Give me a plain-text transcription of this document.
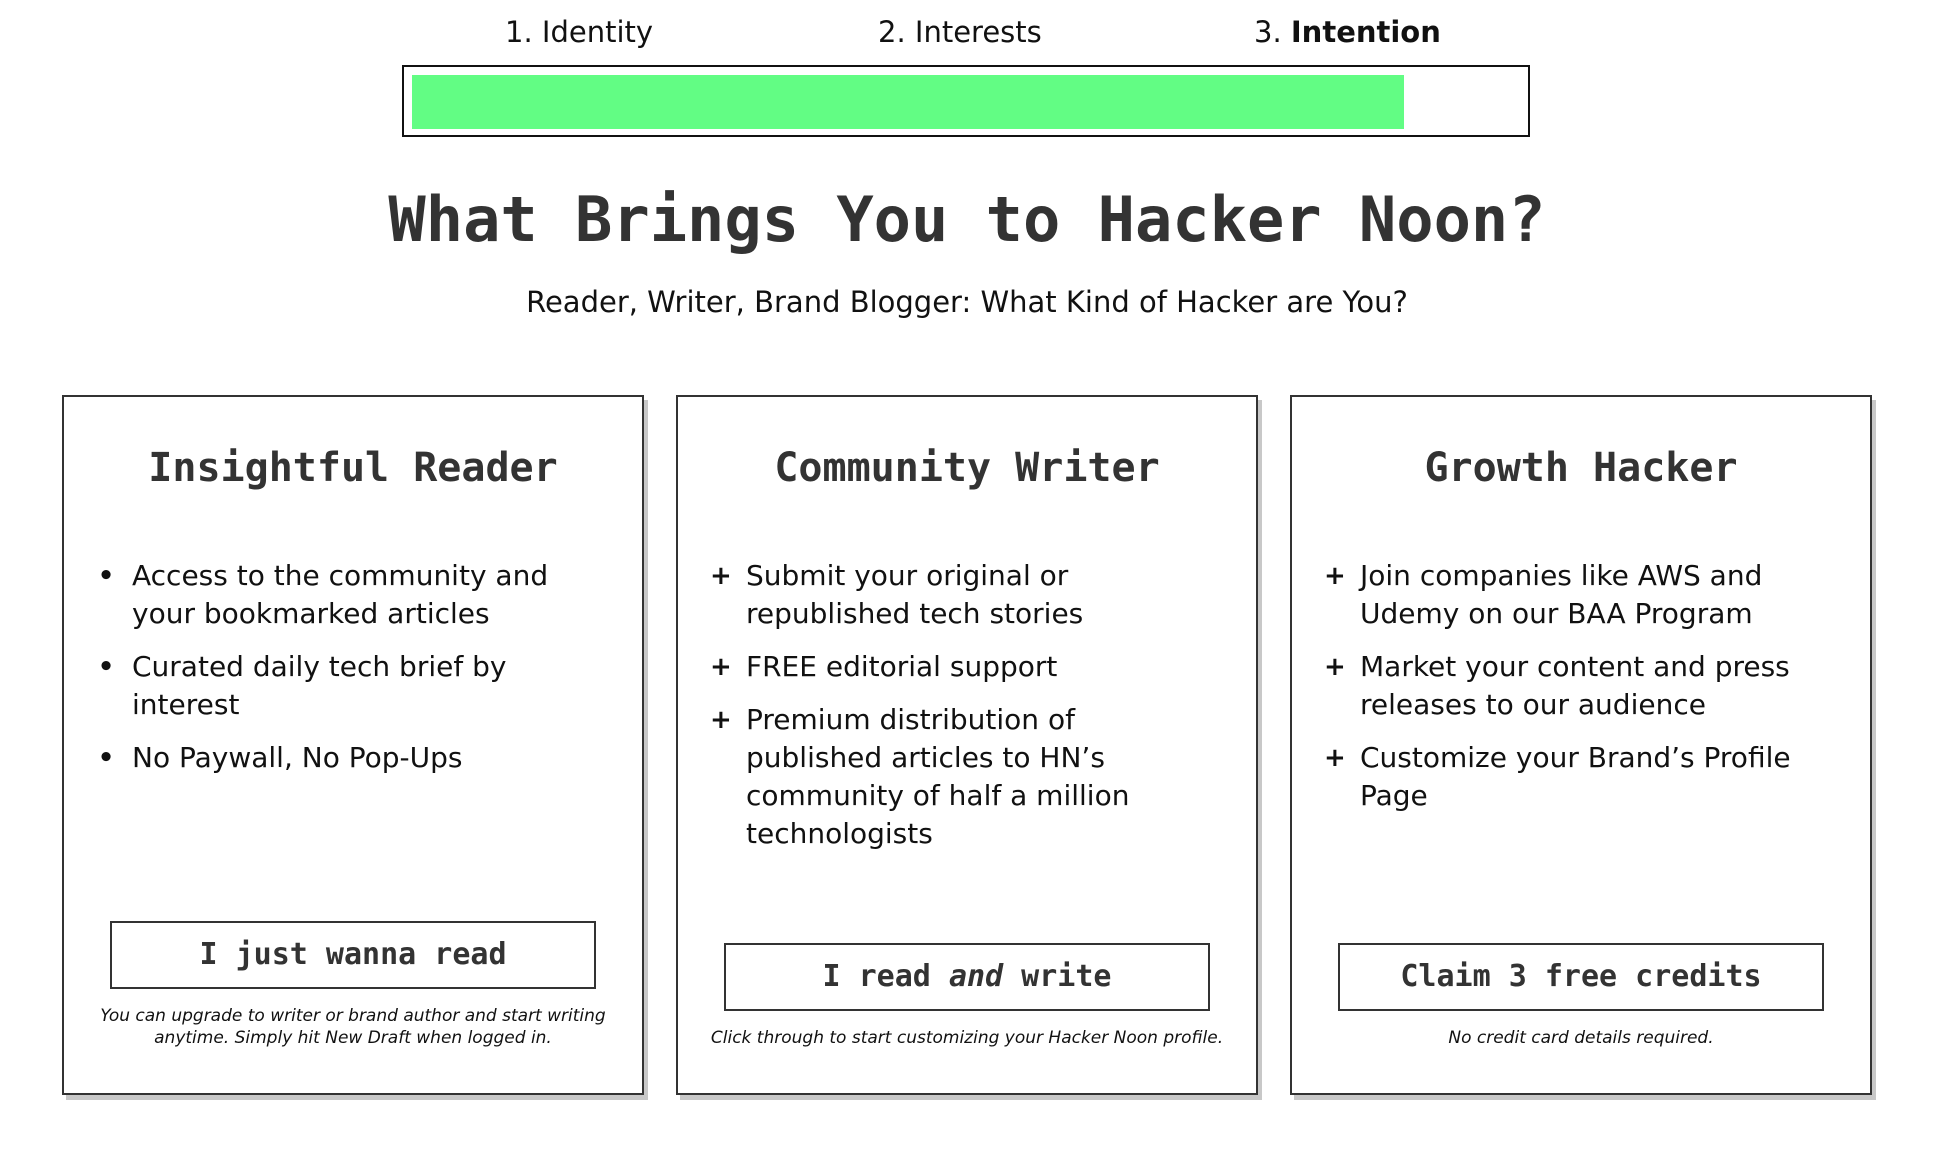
1. Identity	2. Interests	3. Intention
What Brings You to Hacker Noon?
Reader, Writer, Brand Blogger: What Kind of Hacker are You?
Insightful Reader
• Access to the community and your bookmarked articles
• Curated daily tech brief by interest
• No Paywall, No Pop-Ups
I just wanna read
You can upgrade to writer or brand author and start writing anytime. Simply hit New Draft when logged in.
Community Writer
+ Submit your original or republished tech stories
+ FREE editorial support
+ Premium distribution of published articles to HN’s community of half a million technologists
I read and write
Click through to start customizing your Hacker Noon profile.
Growth Hacker
+ Join companies like AWS and Udemy on our BAA Program
+ Market your content and press releases to our audience
+ Customize your Brand’s Profile Page
Claim 3 free credits
No credit card details required.
